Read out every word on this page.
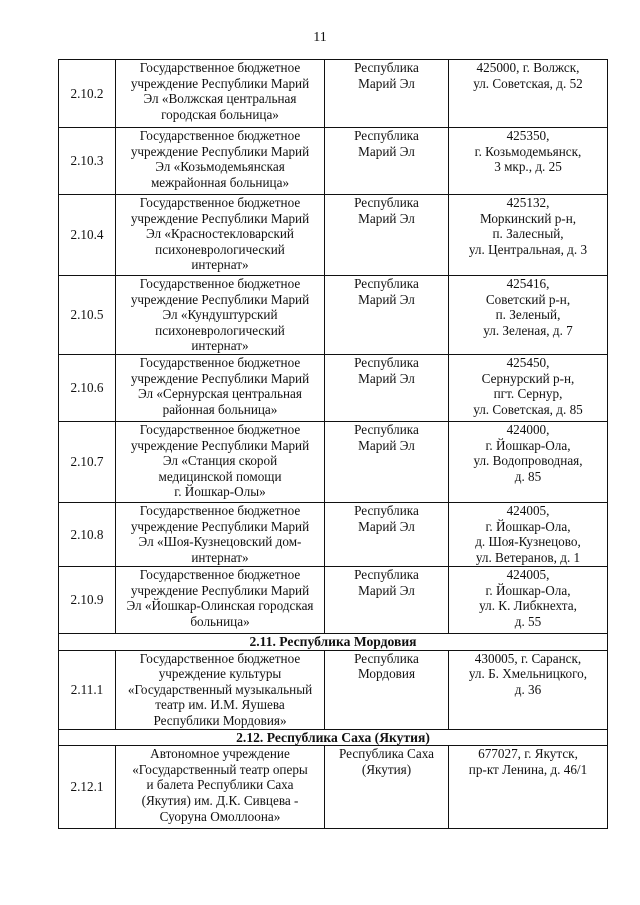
11
2.10.2	Государственное бюджетное
учреждение Республики Марий
Эл «Волжская центральная
городская больница»	Республика
Марий Эл	425000, г. Волжск,
ул. Советская, д. 52
2.10.3	Государственное бюджетное
учреждение Республики Марий
Эл «Козьмодемьянская
межрайонная больница»	Республика
Марий Эл	425350,
г. Козьмодемьянск,
3 мкр., д. 25
2.10.4	Государственное бюджетное
учреждение Республики Марий
Эл «Красностекловарский
психоневрологический
интернат»	Республика
Марий Эл	425132,
Моркинский р-н,
п. Залесный,
ул. Центральная, д. 3
2.10.5	Государственное бюджетное
учреждение Республики Марий
Эл «Кундуштурский
психоневрологический
интернат»	Республика
Марий Эл	425416,
Советский р-н,
п. Зеленый,
ул. Зеленая, д. 7
2.10.6	Государственное бюджетное
учреждение Республики Марий
Эл «Сернурская центральная
районная больница»	Республика
Марий Эл	425450,
Сернурский р-н,
пгт. Сернур,
ул. Советская, д. 85
2.10.7	Государственное бюджетное
учреждение Республики Марий
Эл «Станция скорой
медицинской помощи
г. Йошкар-Олы»	Республика
Марий Эл	424000,
г. Йошкар-Ола,
ул. Водопроводная,
д. 85
2.10.8	Государственное бюджетное
учреждение Республики Марий
Эл «Шоя-Кузнецовский дом-
интернат»	Республика
Марий Эл	424005,
г. Йошкар-Ола,
д. Шоя-Кузнецово,
ул. Ветеранов, д. 1
2.10.9	Государственное бюджетное
учреждение Республики Марий
Эл «Йошкар-Олинская городская
больница»	Республика
Марий Эл	424005,
г. Йошкар-Ола,
ул. К. Либкнехта,
д. 55
2.11. Республика Мордовия			
2.11.1	Государственное бюджетное
учреждение культуры
«Государственный музыкальный
театр им. И.М. Яушева
Республики Мордовия»	Республика
Мордовия	430005, г. Саранск,
ул. Б. Хмельницкого,
д. 36
2.12. Республика Саха (Якутия)			
2.12.1	Автономное учреждение
«Государственный театр оперы
и балета Республики Саха
(Якутия) им. Д.К. Сивцева -
Суоруна Омоллоона»	Республика Саха
(Якутия)	677027, г. Якутск,
пр-кт Ленина, д. 46/1
